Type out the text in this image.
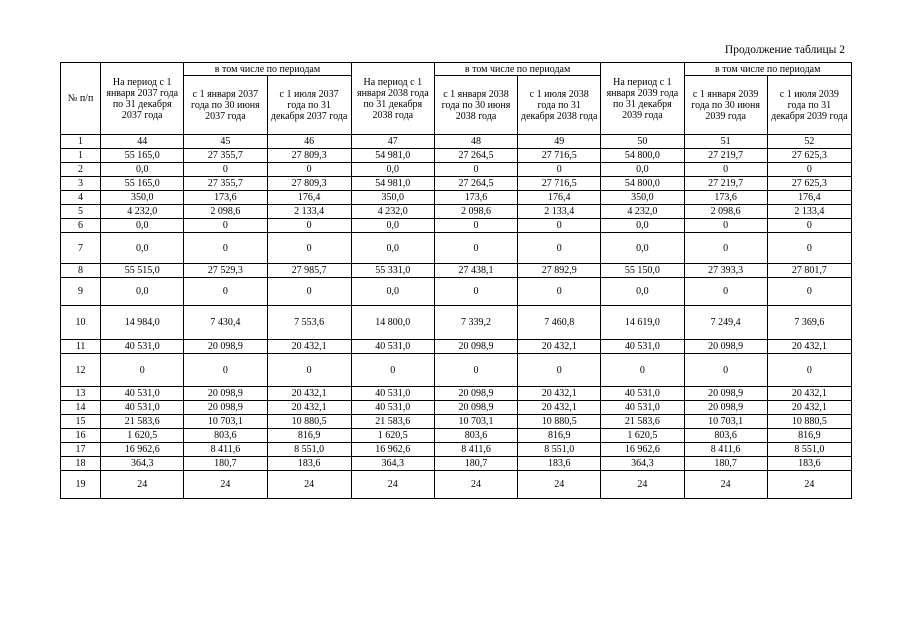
Продолжение таблицы 2
№ п/п	На период с 1 января 2037 года по 31 декабря 2037 года	в том числе по периодам		На период с 1 января 2038 года по 31 декабря 2038 года	в том числе по периодам		На период с 1 января 2039 года по 31 декабря 2039 года	в том числе по периодам	
		с 1 января 2037 года по 30 июня 2037 года	с 1 июля 2037 года по 31 декабря 2037 года		с 1 января 2038 года по 30 июня 2038 года	с 1 июля 2038 года по 31 декабря 2038 года		с 1 января 2039 года по 30 июня 2039 года	с 1 июля 2039 года по 31 декабря 2039 года
1	44	45	46	47	48	49	50	51	52
1	55 165,0	27 355,7	27 809,3	54 981,0	27 264,5	27 716,5	54 800,0	27 219,7	27 625,3
2	0,0	0	0	0,0	0	0	0,0	0	0
3	55 165,0	27 355,7	27 809,3	54 981,0	27 264,5	27 716,5	54 800,0	27 219,7	27 625,3
4	350,0	173,6	176,4	350,0	173,6	176,4	350,0	173,6	176,4
5	4 232,0	2 098,6	2 133,4	4 232,0	2 098,6	2 133,4	4 232,0	2 098,6	2 133,4
6	0,0	0	0	0,0	0	0	0,0	0	0
7	0,0	0	0	0,0	0	0	0,0	0	0
8	55 515,0	27 529,3	27 985,7	55 331,0	27 438,1	27 892,9	55 150,0	27 393,3	27 801,7
9	0,0	0	0	0,0	0	0	0,0	0	0
10	14 984,0	7 430,4	7 553,6	14 800,0	7 339,2	7 460,8	14 619,0	7 249,4	7 369,6
11	40 531,0	20 098,9	20 432,1	40 531,0	20 098,9	20 432,1	40 531,0	20 098,9	20 432,1
12	0	0	0	0	0	0	0	0	0
13	40 531,0	20 098,9	20 432,1	40 531,0	20 098,9	20 432,1	40 531,0	20 098,9	20 432,1
14	40 531,0	20 098,9	20 432,1	40 531,0	20 098,9	20 432,1	40 531,0	20 098,9	20 432,1
15	21 583,6	10 703,1	10 880,5	21 583,6	10 703,1	10 880,5	21 583,6	10 703,1	10 880,5
16	1 620,5	803,6	816,9	1 620,5	803,6	816,9	1 620,5	803,6	816,9
17	16 962,6	8 411,6	8 551,0	16 962,6	8 411,6	8 551,0	16 962,6	8 411,6	8 551,0
18	364,3	180,7	183,6	364,3	180,7	183,6	364,3	180,7	183,6
19	24	24	24	24	24	24	24	24	24
